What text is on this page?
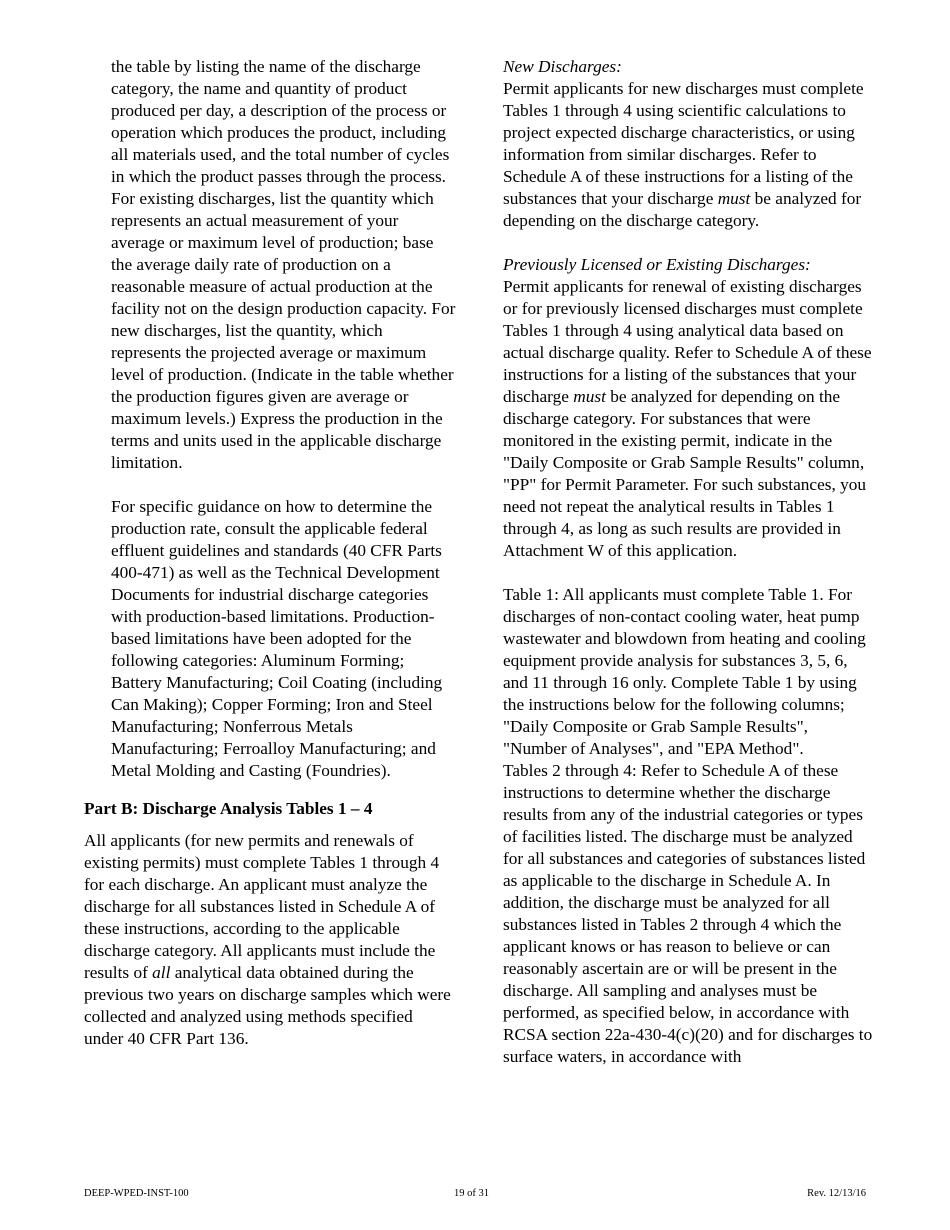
the table by listing the name of the discharge category, the name and quantity of product produced per day, a description of the process or operation which produces the product, including all materials used, and the total number of cycles in which the product passes through the process. For existing discharges, list the quantity which represents an actual measurement of your average or maximum level of production; base the average daily rate of production on a reasonable measure of actual production at the facility not on the design production capacity. For new discharges, list the quantity, which represents the projected average or maximum level of production. (Indicate in the table whether the production figures given are average or maximum levels.) Express the production in the terms and units used in the applicable discharge limitation.

For specific guidance on how to determine the production rate, consult the applicable federal effluent guidelines and standards (40 CFR Parts 400-471) as well as the Technical Development Documents for industrial discharge categories with production-based limitations. Production-based limitations have been adopted for the following categories: Aluminum Forming; Battery Manufacturing; Coil Coating (including Can Making); Copper Forming; Iron and Steel Manufacturing; Nonferrous Metals Manufacturing; Ferroalloy Manufacturing; and Metal Molding and Casting (Foundries).

Part B: Discharge Analysis Tables 1 – 4

All applicants (for new permits and renewals of existing permits) must complete Tables 1 through 4 for each discharge. An applicant must analyze the discharge for all substances listed in Schedule A of these instructions, according to the applicable discharge category. All applicants must include the results of all analytical data obtained during the previous two years on discharge samples which were collected and analyzed using methods specified under 40 CFR Part 136.

New Discharges:

Permit applicants for new discharges must complete Tables 1 through 4 using scientific calculations to project expected discharge characteristics, or using information from similar discharges. Refer to Schedule A of these instructions for a listing of the substances that your discharge must be analyzed for depending on the discharge category.

Previously Licensed or Existing Discharges:

Permit applicants for renewal of existing discharges or for previously licensed discharges must complete Tables 1 through 4 using analytical data based on actual discharge quality. Refer to Schedule A of these instructions for a listing of the substances that your discharge must be analyzed for depending on the discharge category. For substances that were monitored in the existing permit, indicate in the "Daily Composite or Grab Sample Results" column, "PP" for Permit Parameter. For such substances, you need not repeat the analytical results in Tables 1 through 4, as long as such results are provided in Attachment W of this application.

Table 1: All applicants must complete Table 1. For discharges of non-contact cooling water, heat pump wastewater and blowdown from heating and cooling equipment provide analysis for substances 3, 5, 6, and 11 through 16 only. Complete Table 1 by using the instructions below for the following columns; "Daily Composite or Grab Sample Results", "Number of Analyses", and "EPA Method".

Tables 2 through 4: Refer to Schedule A of these instructions to determine whether the discharge results from any of the industrial categories or types of facilities listed. The discharge must be analyzed for all substances and categories of substances listed as applicable to the discharge in Schedule A. In addition, the discharge must be analyzed for all substances listed in Tables 2 through 4 which the applicant knows or has reason to believe or can reasonably ascertain are or will be present in the discharge. All sampling and analyses must be performed, as specified below, in accordance with RCSA section 22a-430-4(c)(20) and for discharges to surface waters, in accordance with

DEEP-WPED-INST-100	19 of 31	Rev. 12/13/16
